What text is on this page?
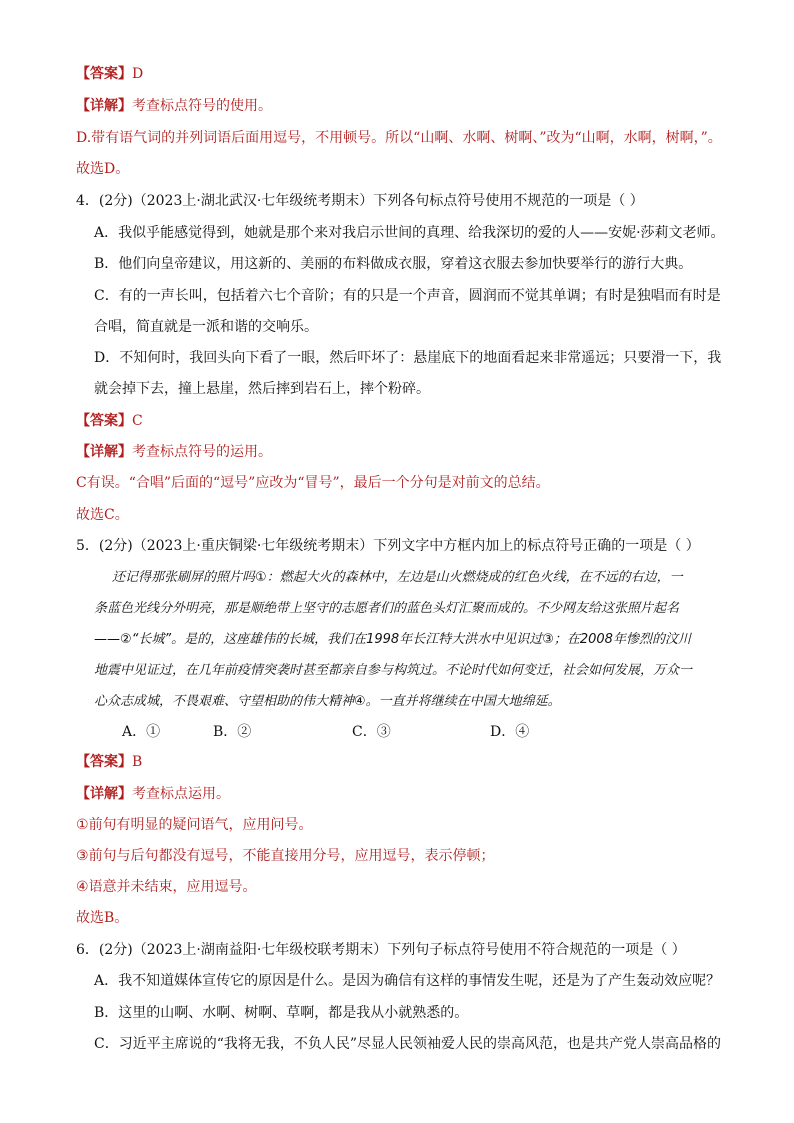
【答案】D
【详解】考查标点符号的使用。
D.带有语气词的并列词语后面用逗号，不用顿号。所以“山啊、水啊、树啊、”改为“山啊，水啊，树啊，”。
故选D。
4．(2分)（2023上·湖北武汉·七年级统考期末）下列各句标点符号使用不规范的一项是（ ）
A．我似乎能感觉得到，她就是那个来对我启示世间的真理、给我深切的爱的人——安妮·莎莉文老师。
B．他们向皇帝建议，用这新的、美丽的布料做成衣服，穿着这衣服去参加快要举行的游行大典。
C．有的一声长叫，包括着六七个音阶；有的只是一个声音，圆润而不觉其单调；有时是独唱而有时是
合唱，简直就是一派和谐的交响乐。
D．不知何时，我回头向下看了一眼，然后吓坏了：悬崖底下的地面看起来非常遥远；只要滑一下，我
就会掉下去，撞上悬崖，然后摔到岩石上，摔个粉碎。
【答案】C
【详解】考查标点符号的运用。
C有误。“合唱”后面的“逗号”应改为“冒号”，最后一个分句是对前文的总结。
故选C。
5．(2分)（2023上·重庆铜梁·七年级统考期末）下列文字中方框内加上的标点符号正确的一项是（ ）
还记得那张刷屏的照片吗①：燃起大火的森林中，左边是山火燃烧成的红色火线，在不远的右边，一
条蓝色光线分外明亮，那是顺绝带上坚守的志愿者们的蓝色头灯汇聚而成的。不少网友给这张照片起名
——②“长城”。是的，这座雄伟的长城，我们在1998年长江特大洪水中见识过③；在2008年惨烈的汶川
地震中见证过，在几年前疫情突袭时甚至都亲自参与构筑过。不论时代如何变迁，社会如何发展，万众一
心众志成城，不畏艰难、守望相助的伟大精神④。一直并将继续在中国大地绵延。
A．①	B．②	C．③	D．④
【答案】B
【详解】考查标点运用。
①前句有明显的疑问语气，应用问号。
③前句与后句都没有逗号，不能直接用分号，应用逗号，表示停顿；
④语意并未结束，应用逗号。
故选B。
6．(2分)（2023上·湖南益阳·七年级校联考期末）下列句子标点符号使用不符合规范的一项是（ ）
A．我不知道媒体宣传它的原因是什么。是因为确信有这样的事情发生呢，还是为了产生轰动效应呢？
B．这里的山啊、水啊、树啊、草啊，都是我从小就熟悉的。
C．习近平主席说的“我将无我，不负人民”尽显人民领袖爱人民的崇高风范，也是共产党人崇高品格的
